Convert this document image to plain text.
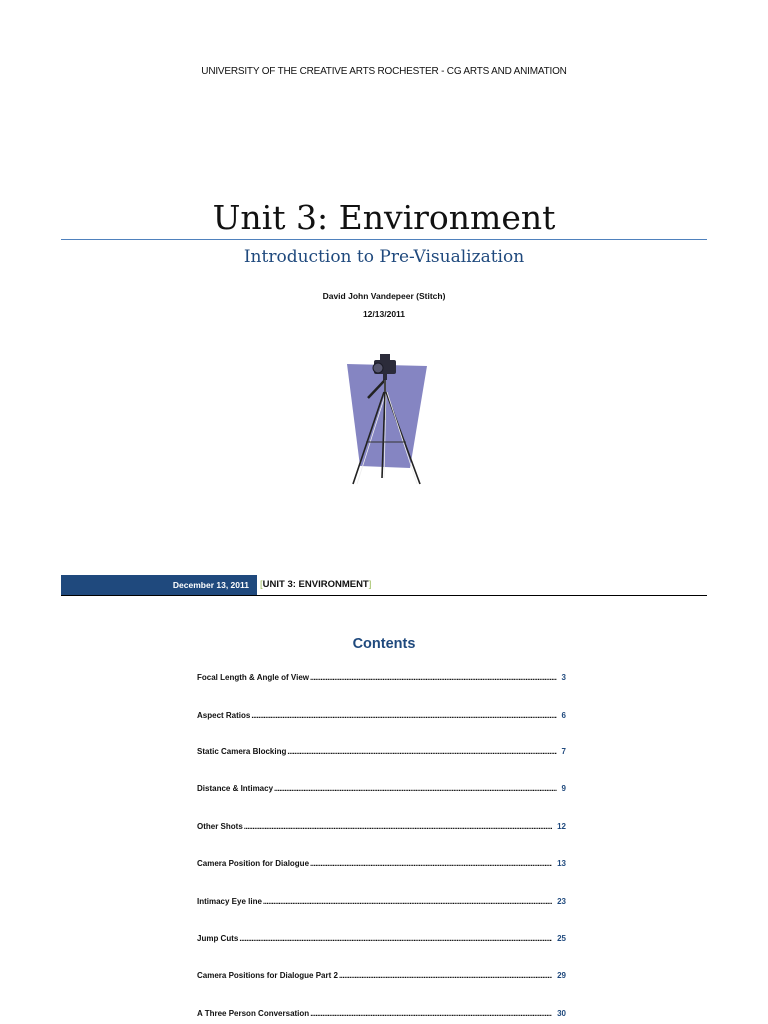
UNIVERSITY OF THE CREATIVE ARTS ROCHESTER - CG ARTS AND ANIMATION
Unit 3: Environment
Introduction to Pre-Visualization
David John Vandepeer (Stitch)
12/13/2011
December 13, 2011 [UNIT 3: ENVIRONMENT]
Contents
Focal Length & Angle of View .....	3
Aspect Ratios .....	6
Static Camera Blocking .....	7
Distance & Intimacy .....	9
Other Shots .....	12
Camera Position for Dialogue .....	13
Intimacy Eye line .....	23
Jump Cuts .....	25
Camera Positions for Dialogue Part 2 .....	29
A Three Person Conversation .....	30
